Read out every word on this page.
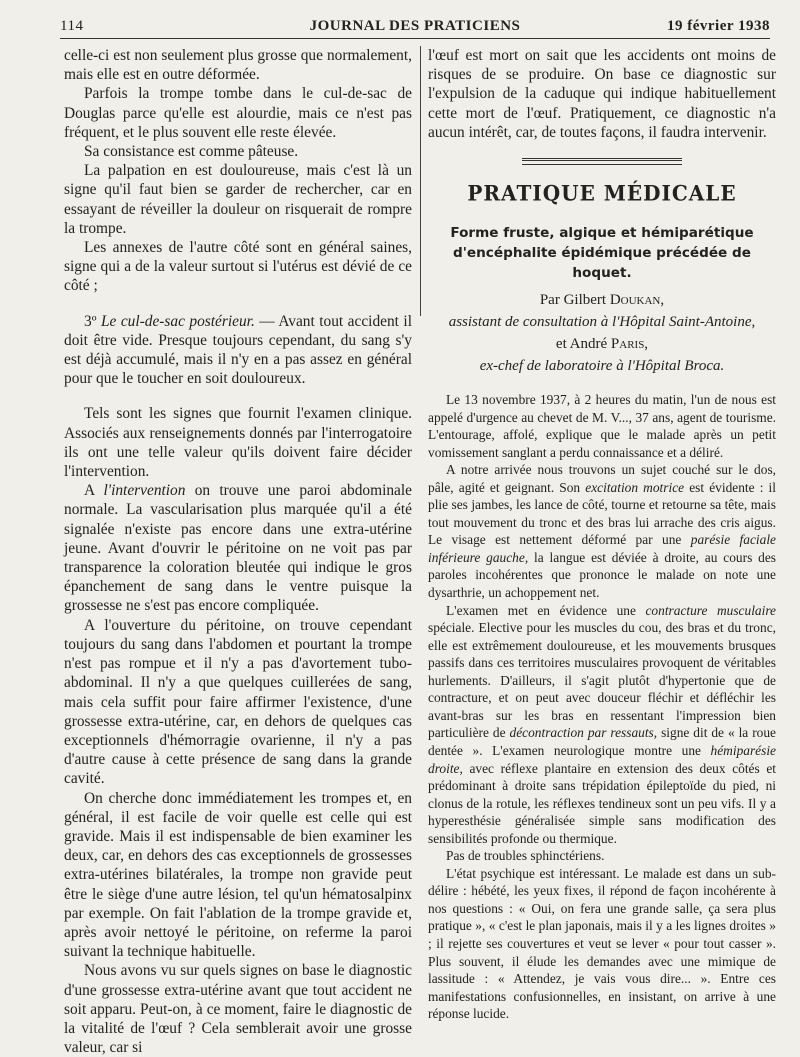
114	JOURNAL DES PRATICIENS	19 février 1938

celle-ci est non seulement plus grosse que normalement, mais elle est en outre déformée.

Parfois la trompe tombe dans le cul-de-sac de Douglas parce qu'elle est alourdie, mais ce n'est pas fréquent, et le plus souvent elle reste élevée.

Sa consistance est comme pâteuse.

La palpation en est douloureuse, mais c'est là un signe qu'il faut bien se garder de rechercher, car en essayant de réveiller la douleur on risquerait de rompre la trompe.

Les annexes de l'autre côté sont en général saines, signe qui a de la valeur surtout si l'utérus est dévié de ce côté ;

3º Le cul-de-sac postérieur. — Avant tout accident il doit être vide. Presque toujours cependant, du sang s'y est déjà accumulé, mais il n'y en a pas assez en général pour que le toucher en soit douloureux.

Tels sont les signes que fournit l'examen clinique. Associés aux renseignements donnés par l'interrogatoire ils ont une telle valeur qu'ils doivent faire décider l'intervention.

A l'intervention on trouve une paroi abdominale normale. La vascularisation plus marquée qu'il a été signalée n'existe pas encore dans une extra-utérine jeune. Avant d'ouvrir le péritoine on ne voit pas par transparence la coloration bleutée qui indique le gros épanchement de sang dans le ventre puisque la grossesse ne s'est pas encore compliquée.

A l'ouverture du péritoine, on trouve cependant toujours du sang dans l'abdomen et pourtant la trompe n'est pas rompue et il n'y a pas d'avortement tubo-abdominal. Il n'y a que quelques cuillerées de sang, mais cela suffit pour faire affirmer l'existence, d'une grossesse extra-utérine, car, en dehors de quelques cas exceptionnels d'hémorragie ovarienne, il n'y a pas d'autre cause à cette présence de sang dans la grande cavité.

On cherche donc immédiatement les trompes et, en général, il est facile de voir quelle est celle qui est gravide. Mais il est indispensable de bien examiner les deux, car, en dehors des cas exceptionnels de grossesses extra-utérines bilatérales, la trompe non gravide peut être le siège d'une autre lésion, tel qu'un hématosalpinx par exemple. On fait l'ablation de la trompe gravide et, après avoir nettoyé le péritoine, on referme la paroi suivant la technique habituelle.

Nous avons vu sur quels signes on base le diagnostic d'une grossesse extra-utérine avant que tout accident ne soit apparu. Peut-on, à ce moment, faire le diagnostic de la vitalité de l'œuf ? Cela semblerait avoir une grosse valeur, car si

l'œuf est mort on sait que les accidents ont moins de risques de se produire. On base ce diagnostic sur l'expulsion de la caduque qui indique habituellement cette mort de l'œuf. Pratiquement, ce diagnostic n'a aucun intérêt, car, de toutes façons, il faudra intervenir.

PRATIQUE MÉDICALE
Forme fruste, algique et hémiparétique
d'encéphalite épidémique précédée de hoquet.
Par Gilbert Doukan,
assistant de consultation à l'Hôpital Saint-Antoine,
et André Paris,
ex-chef de laboratoire à l'Hôpital Broca.

Le 13 novembre 1937, à 2 heures du matin, l'un de nous est appelé d'urgence au chevet de M. V..., 37 ans, agent de tourisme. L'entourage, affolé, explique que le malade après un petit vomissement sanglant a perdu connaissance et a déliré.

A notre arrivée nous trouvons un sujet couché sur le dos, pâle, agité et geignant. Son excitation motrice est évidente : il plie ses jambes, les lance de côté, tourne et retourne sa tête, mais tout mouvement du tronc et des bras lui arrache des cris aigus. Le visage est nettement déformé par une parésie faciale inférieure gauche, la langue est déviée à droite, au cours des paroles incohérentes que prononce le malade on note une dysarthrie, un achoppement net.

L'examen met en évidence une contracture musculaire spéciale. Elective pour les muscles du cou, des bras et du tronc, elle est extrêmement douloureuse, et les mouvements brusques passifs dans ces territoires musculaires provoquent de véritables hurlements. D'ailleurs, il s'agit plutôt d'hypertonie que de contracture, et on peut avec douceur fléchir et défléchir les avant-bras sur les bras en ressentant l'impression bien particulière de décontraction par ressauts, signe dit de « la roue dentée ». L'examen neurologique montre une hémiparésie droite, avec réflexe plantaire en extension des deux côtés et prédominant à droite sans trépidation épileptoïde du pied, ni clonus de la rotule, les réflexes tendineux sont un peu vifs. Il y a hyperesthésie généralisée simple sans modification des sensibilités profonde ou thermique.

Pas de troubles sphinctériens.

L'état psychique est intéressant. Le malade est dans un sub-délire : hébété, les yeux fixes, il répond de façon incohérente à nos questions : « Oui, on fera une grande salle, ça sera plus pratique », « c'est le plan japonais, mais il y a les lignes droites » ; il rejette ses couvertures et veut se lever « pour tout casser ». Plus souvent, il élude les demandes avec une mimique de lassitude : « Attendez, je vais vous dire... ». Entre ces manifestations confusionnelles, en insistant, on arrive à une réponse lucide.
